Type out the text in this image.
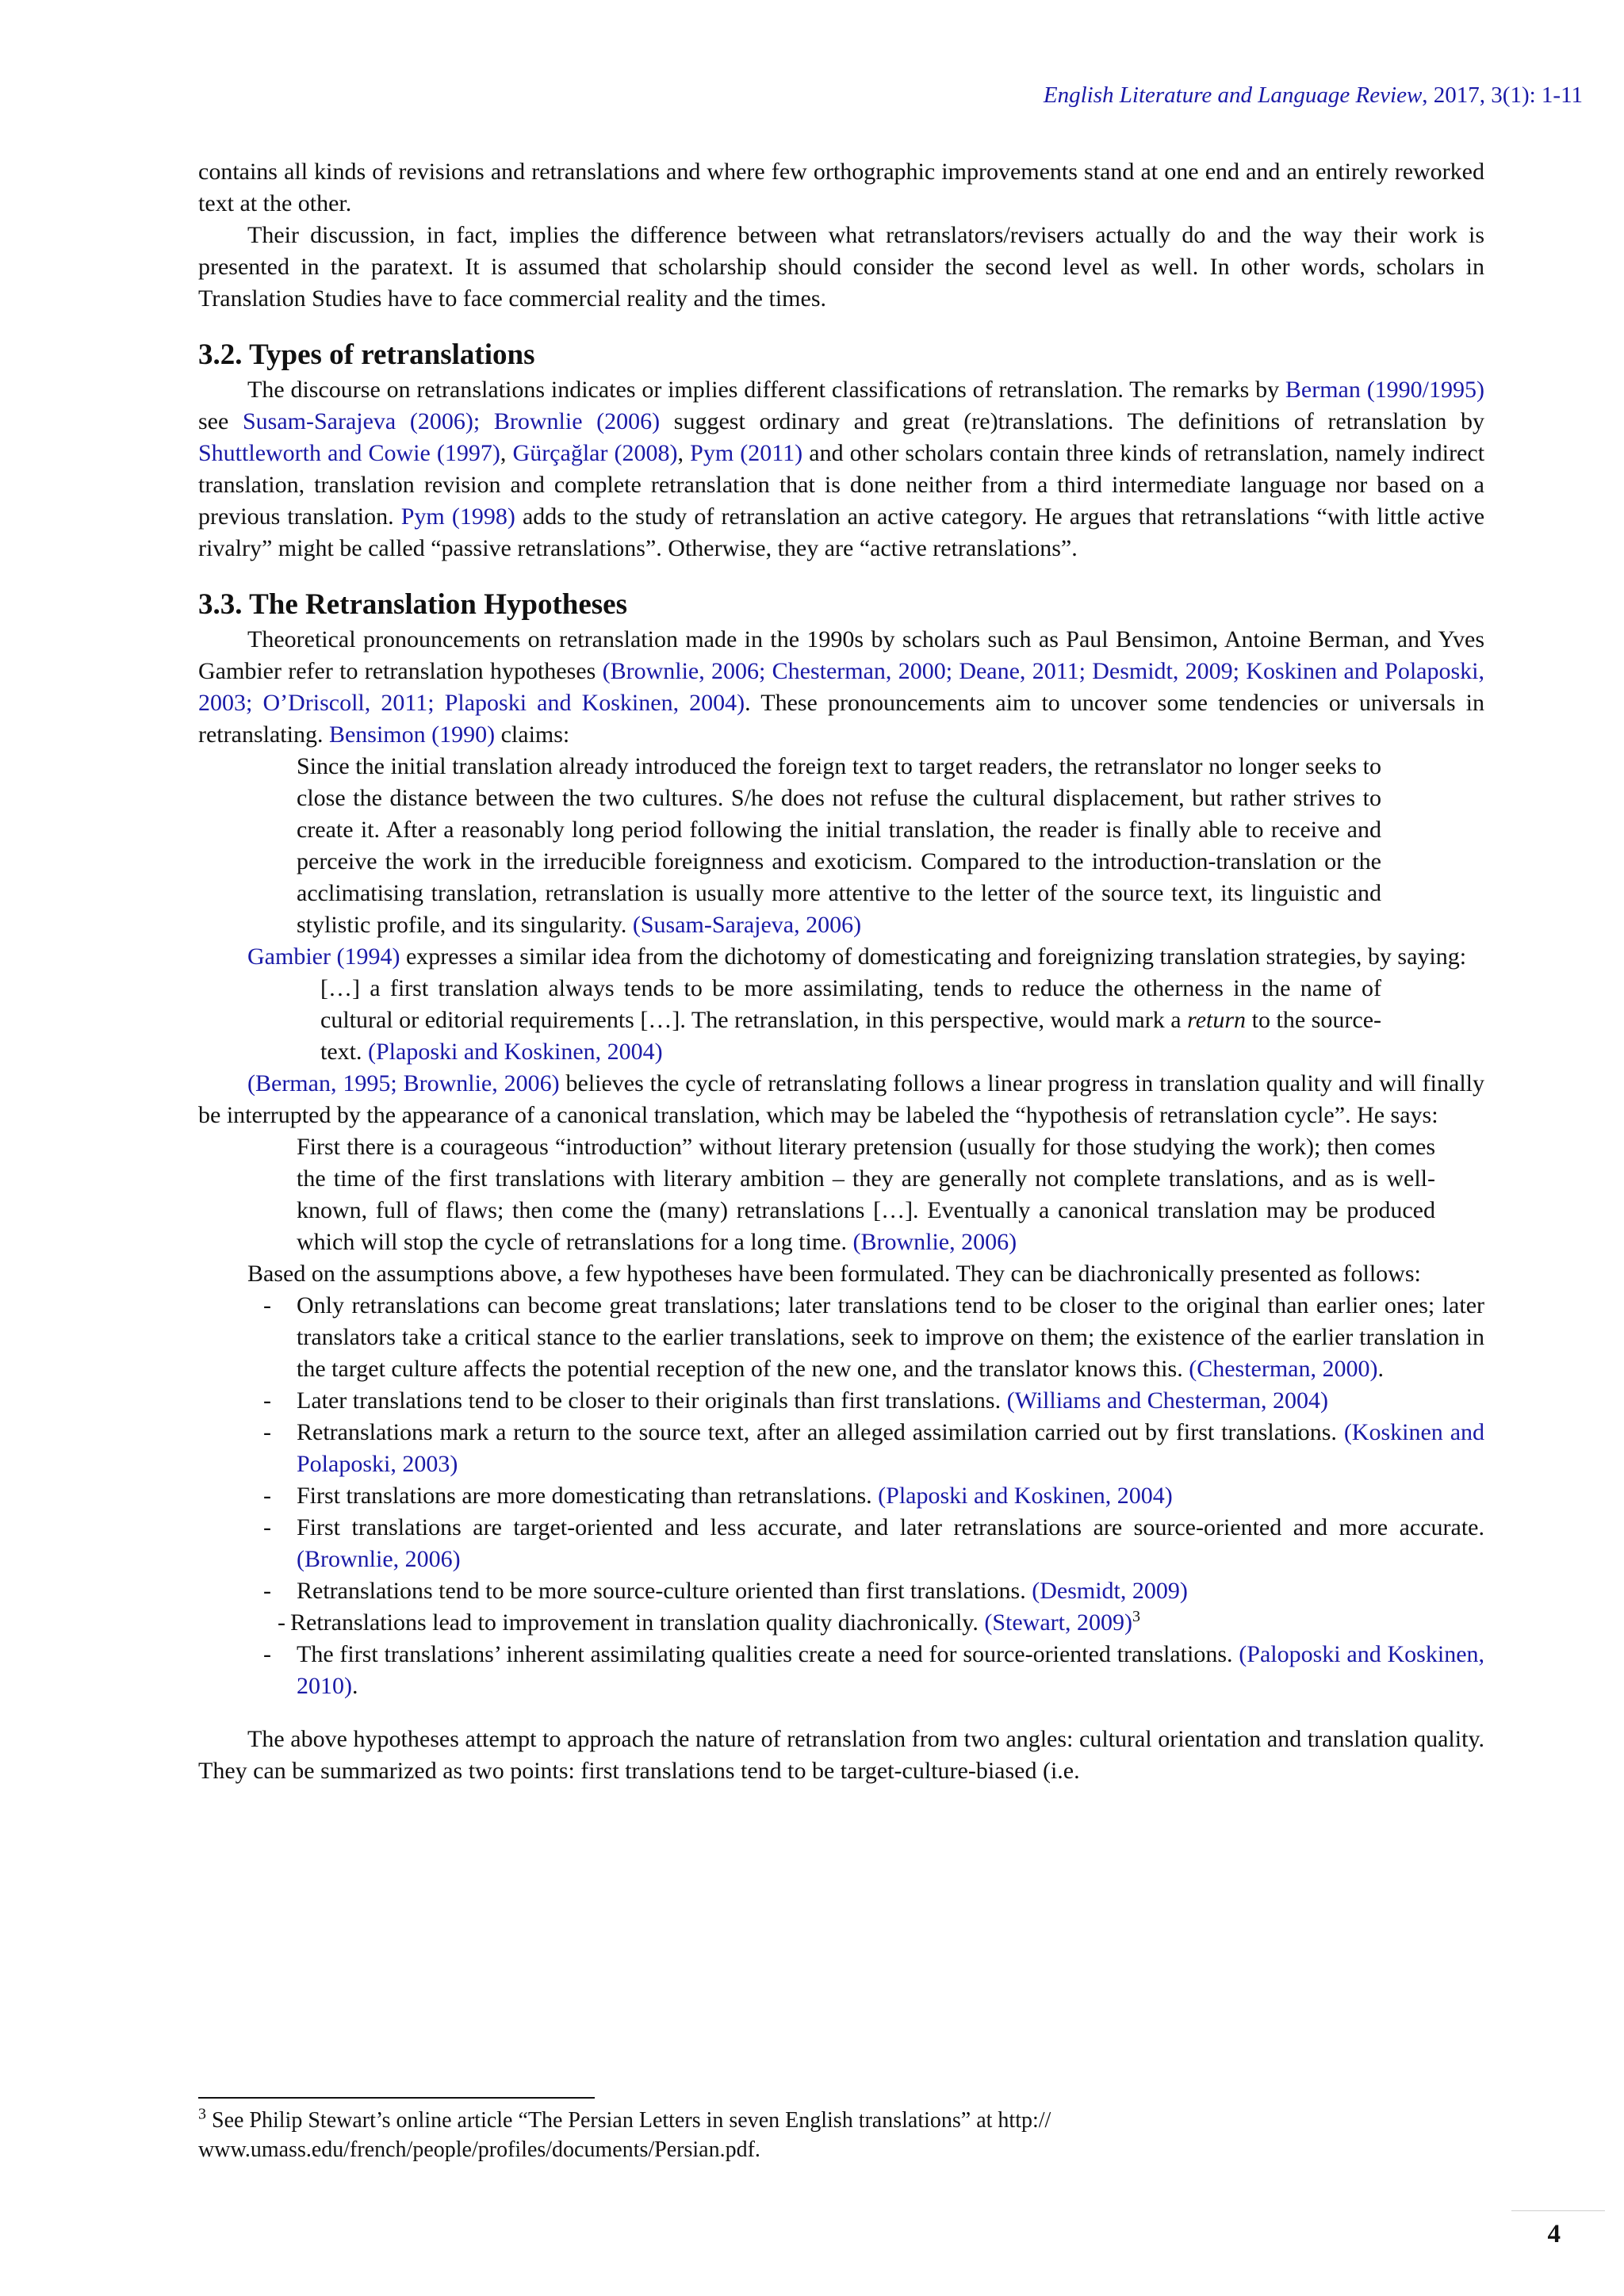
English Literature and Language Review, 2017, 3(1): 1-11

contains all kinds of revisions and retranslations and where few orthographic improvements stand at one end and an entirely reworked text at the other.

Their discussion, in fact, implies the difference between what retranslators/revisers actually do and the way their work is presented in the paratext. It is assumed that scholarship should consider the second level as well. In other words, scholars in Translation Studies have to face commercial reality and the times.

3.2. Types of retranslations

The discourse on retranslations indicates or implies different classifications of retranslation. The remarks by Berman (1990/1995) see Susam-Sarajeva (2006); Brownlie (2006) suggest ordinary and great (re)translations. The definitions of retranslation by Shuttleworth and Cowie (1997), Gürçağlar (2008), Pym (2011) and other scholars contain three kinds of retranslation, namely indirect translation, translation revision and complete retranslation that is done neither from a third intermediate language nor based on a previous translation. Pym (1998) adds to the study of retranslation an active category. He argues that retranslations “with little active rivalry” might be called “passive retranslations”. Otherwise, they are “active retranslations”.

3.3. The Retranslation Hypotheses

Theoretical pronouncements on retranslation made in the 1990s by scholars such as Paul Bensimon, Antoine Berman, and Yves Gambier refer to retranslation hypotheses (Brownlie, 2006; Chesterman, 2000; Deane, 2011; Desmidt, 2009; Koskinen and Polaposki, 2003; O’Driscoll, 2011; Plaposki and Koskinen, 2004). These pronouncements aim to uncover some tendencies or universals in retranslating. Bensimon (1990) claims:

Since the initial translation already introduced the foreign text to target readers, the retranslator no longer seeks to close the distance between the two cultures. S/he does not refuse the cultural displacement, but rather strives to create it. After a reasonably long period following the initial translation, the reader is finally able to receive and perceive the work in the irreducible foreignness and exoticism. Compared to the introduction-translation or the acclimatising translation, retranslation is usually more attentive to the letter of the source text, its linguistic and stylistic profile, and its singularity. (Susam-Sarajeva, 2006)

Gambier (1994) expresses a similar idea from the dichotomy of domesticating and foreignizing translation strategies, by saying:

[…] a first translation always tends to be more assimilating, tends to reduce the otherness in the name of cultural or editorial requirements […]. The retranslation, in this perspective, would mark a return to the source-text. (Plaposki and Koskinen, 2004)

(Berman, 1995; Brownlie, 2006) believes the cycle of retranslating follows a linear progress in translation quality and will finally be interrupted by the appearance of a canonical translation, which may be labeled the “hypothesis of retranslation cycle”. He says:

First there is a courageous “introduction” without literary pretension (usually for those studying the work); then comes the time of the first translations with literary ambition – they are generally not complete translations, and as is well-known, full of flaws; then come the (many) retranslations […]. Eventually a canonical translation may be produced which will stop the cycle of retranslations for a long time. (Brownlie, 2006)

Based on the assumptions above, a few hypotheses have been formulated. They can be diachronically presented as follows:

- Only retranslations can become great translations; later translations tend to be closer to the original than earlier ones; later translators take a critical stance to the earlier translations, seek to improve on them; the existence of the earlier translation in the target culture affects the potential reception of the new one, and the translator knows this. (Chesterman, 2000).
- Later translations tend to be closer to their originals than first translations. (Williams and Chesterman, 2004)
- Retranslations mark a return to the source text, after an alleged assimilation carried out by first translations. (Koskinen and Polaposki, 2003)
- First translations are more domesticating than retranslations. (Plaposki and Koskinen, 2004)
- First translations are target-oriented and less accurate, and later retranslations are source-oriented and more accurate. (Brownlie, 2006)
- Retranslations tend to be more source-culture oriented than first translations. (Desmidt, 2009)
- Retranslations lead to improvement in translation quality diachronically. (Stewart, 2009)$^3$
- The first translations’ inherent assimilating qualities create a need for source-oriented translations. (Paloposki and Koskinen, 2010).

The above hypotheses attempt to approach the nature of retranslation from two angles: cultural orientation and translation quality. They can be summarized as two points: first translations tend to be target-culture-biased (i.e.

$^3$ See Philip Stewart’s online article “The Persian Letters in seven English translations” at http://
www.umass.edu/french/people/profiles/documents/Persian.pdf.
4
